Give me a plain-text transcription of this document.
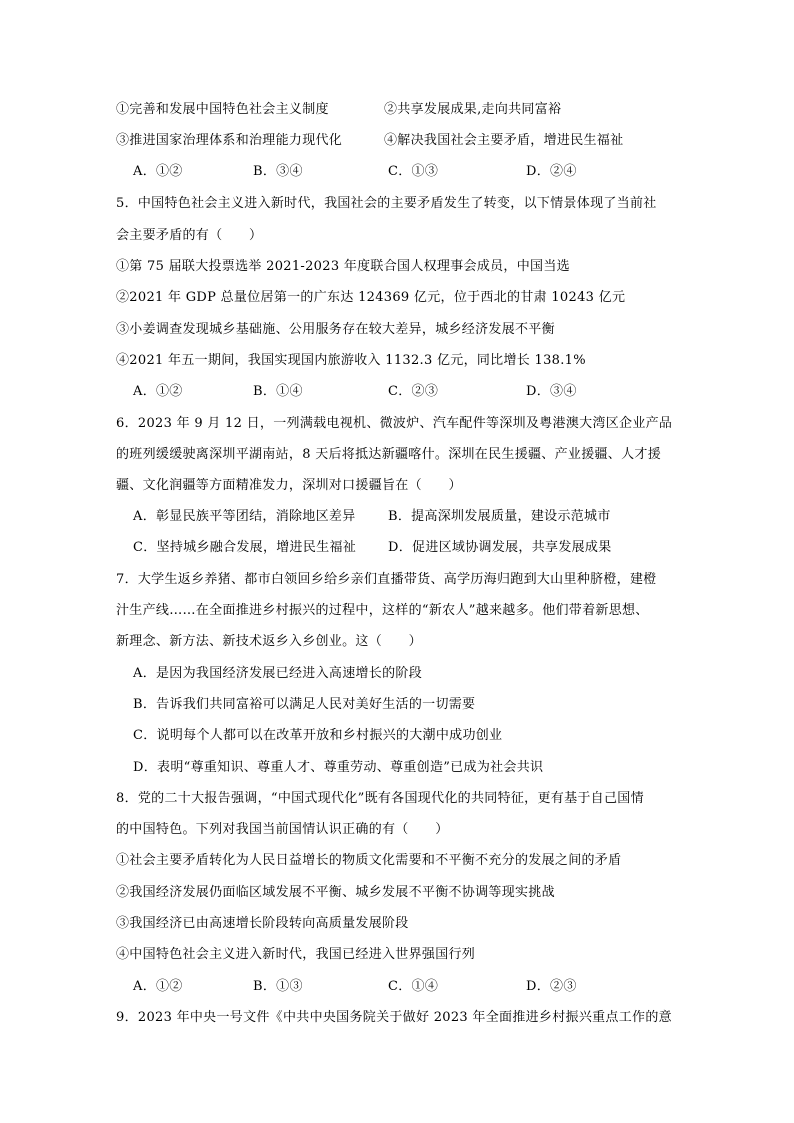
①完善和发展中国特色社会主义制度	②共享发展成果,走向共同富裕
③推进国家治理体系和治理能力现代化	④解决我国社会主要矛盾，增进民生福祉
A．①②	B．③④	C．①③	D．②④
5．中国特色社会主义进入新时代，我国社会的主要矛盾发生了转变，以下情景体现了当前社
会主要矛盾的有（　　）
①第 75 届联大投票选举 2021-2023 年度联合国人权理事会成员，中国当选
②2021 年 GDP 总量位居第一的广东达 124369 亿元，位于西北的甘肃 10243 亿元
③小姜调查发现城乡基础施、公用服务存在较大差异，城乡经济发展不平衡
④2021 年五一期间，我国实现国内旅游收入 1132.3 亿元，同比增长 138.1%
A．①②	B．①④	C．②③	D．③④
6．2023 年 9 月 12 日，一列满载电视机、微波炉、汽车配件等深圳及粤港澳大湾区企业产品
的班列缓缓驶离深圳平湖南站，8 天后将抵达新疆喀什。深圳在民生援疆、产业援疆、人才援
疆、文化润疆等方面精准发力，深圳对口援疆旨在（　　）
A．彰显民族平等团结，消除地区差异	B．提高深圳发展质量，建设示范城市
C．坚持城乡融合发展，增进民生福祉 D．促进区域协调发展，共享发展成果
7．大学生返乡养猪、都市白领回乡给乡亲们直播带货、高学历海归跑到大山里种脐橙，建橙
汁生产线……在全面推进乡村振兴的过程中，这样的“新农人”越来越多。他们带着新思想、
新理念、新方法、新技术返乡入乡创业。这（　　）
A．是因为我国经济发展已经进入高速增长的阶段
B．告诉我们共同富裕可以满足人民对美好生活的一切需要
C．说明每个人都可以在改革开放和乡村振兴的大潮中成功创业
D．表明“尊重知识、尊重人才、尊重劳动、尊重创造”已成为社会共识
8．党的二十大报告强调，“中国式现代化”既有各国现代化的共同特征，更有基于自己国情
的中国特色。下列对我国当前国情认识正确的有（　　）
①社会主要矛盾转化为人民日益增长的物质文化需要和不平衡不充分的发展之间的矛盾
②我国经济发展仍面临区域发展不平衡、城乡发展不平衡不协调等现实挑战
③我国经济已由高速增长阶段转向高质量发展阶段
④中国特色社会主义进入新时代，我国已经进入世界强国行列
A．①②	B．①③	C．①④	D．②③
9．2023 年中央一号文件《中共中央国务院关于做好 2023 年全面推进乡村振兴重点工作的意
